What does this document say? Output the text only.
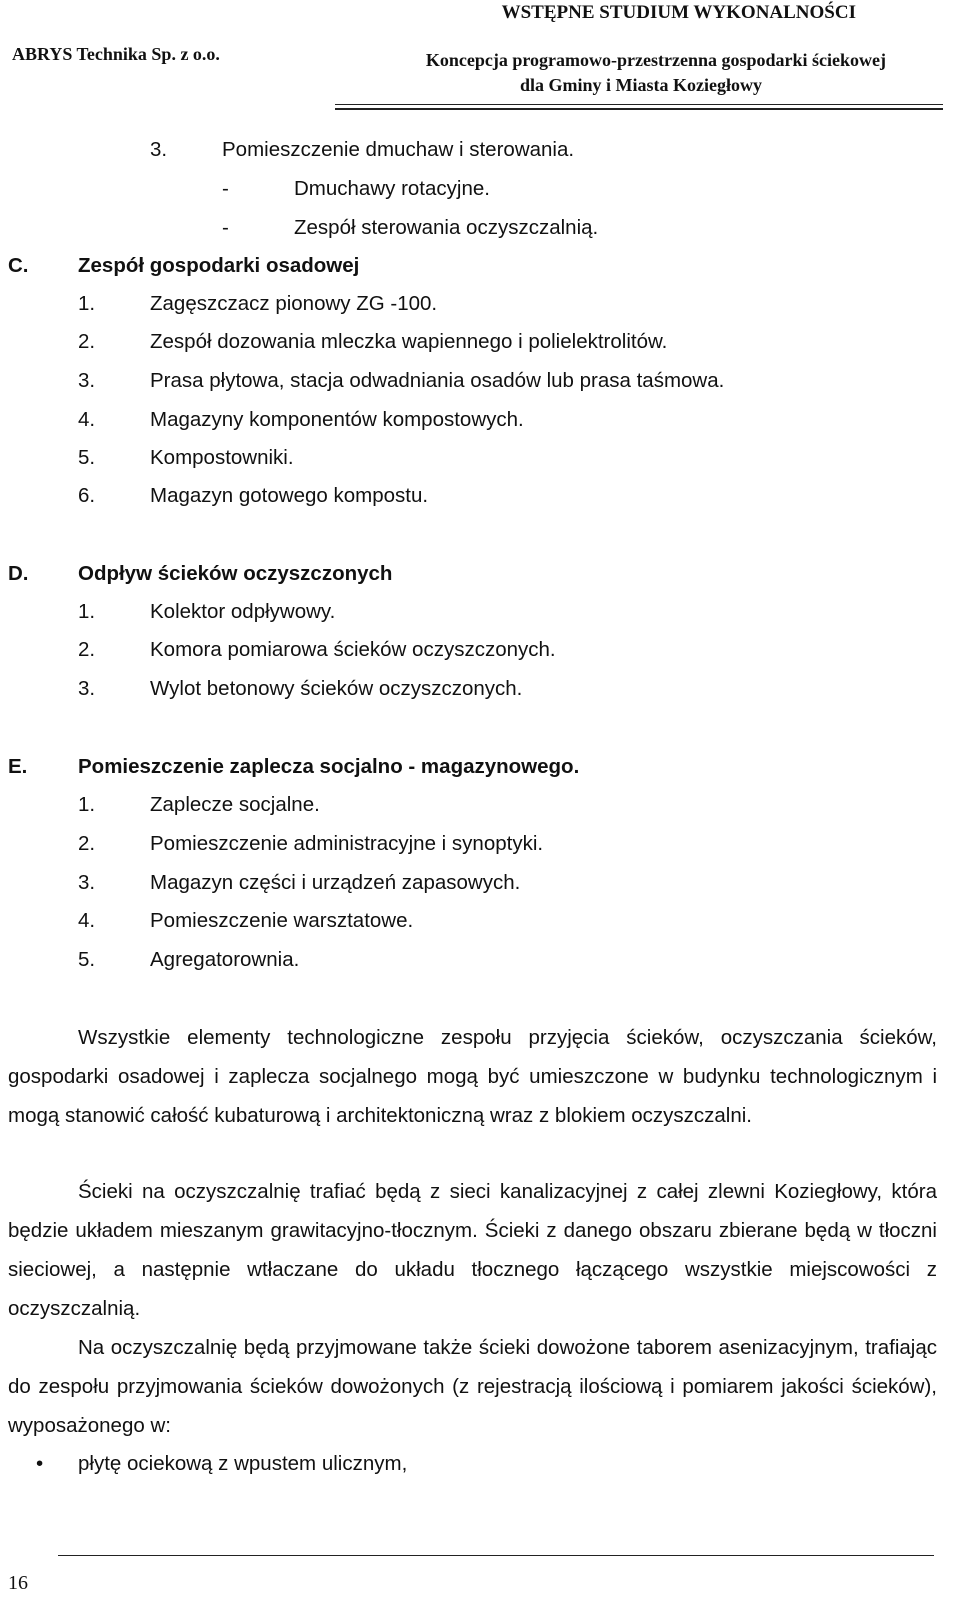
WSTĘPNE STUDIUM WYKONALNOŚCI
ABRYS Technika Sp. z o.o.	Koncepcja programowo-przestrzenna gospodarki ściekowej
dla Gminy i Miasta Koziegłowy
3.	Pomieszczenie dmuchaw i sterowania.
-	Dmuchawy rotacyjne.
-	Zespół sterowania oczyszczalnią.
C. Zespół gospodarki osadowej
1.	Zagęszczacz pionowy ZG -100.
2.	Zespół dozowania mleczka wapiennego i polielektrolitów.
3.	Prasa płytowa, stacja odwadniania osadów lub prasa taśmowa.
4.	Magazyny komponentów kompostowych.
5.	Kompostowniki.
6.	Magazyn gotowego kompostu.
D. Odpływ ścieków oczyszczonych
1.	Kolektor odpływowy.
2.	Komora pomiarowa ścieków oczyszczonych.
3.	Wylot betonowy ścieków oczyszczonych.
E. Pomieszczenie zaplecza socjalno - magazynowego.
1.	Zaplecze socjalne.
2.	Pomieszczenie administracyjne i synoptyki.
3.	Magazyn części i urządzeń zapasowych.
4.	Pomieszczenie warsztatowe.
5.	Agregatorownia.

Wszystkie elementy technologiczne zespołu przyjęcia ścieków, oczyszczania ścieków, gospodarki osadowej i zaplecza socjalnego mogą być umieszczone w budynku technologicznym i mogą stanowić całość kubaturową i architektoniczną wraz z blokiem oczyszczalni.

Ścieki na oczyszczalnię trafiać będą z sieci kanalizacyjnej z całej zlewni Koziegłowy, która będzie układem mieszanym grawitacyjno-tłocznym. Ścieki z danego obszaru zbierane będą w tłoczni sieciowej, a następnie wtłaczane do układu tłocznego łączącego wszystkie miejscowości z oczyszczalnią.

Na oczyszczalnię będą przyjmowane także ścieki dowożone taborem asenizacyjnym, trafiając do zespołu przyjmowania ścieków dowożonych (z rejestracją ilościową i pomiarem jakości ścieków), wyposażonego w:

• płytę ociekową z wpustem ulicznym,
16
